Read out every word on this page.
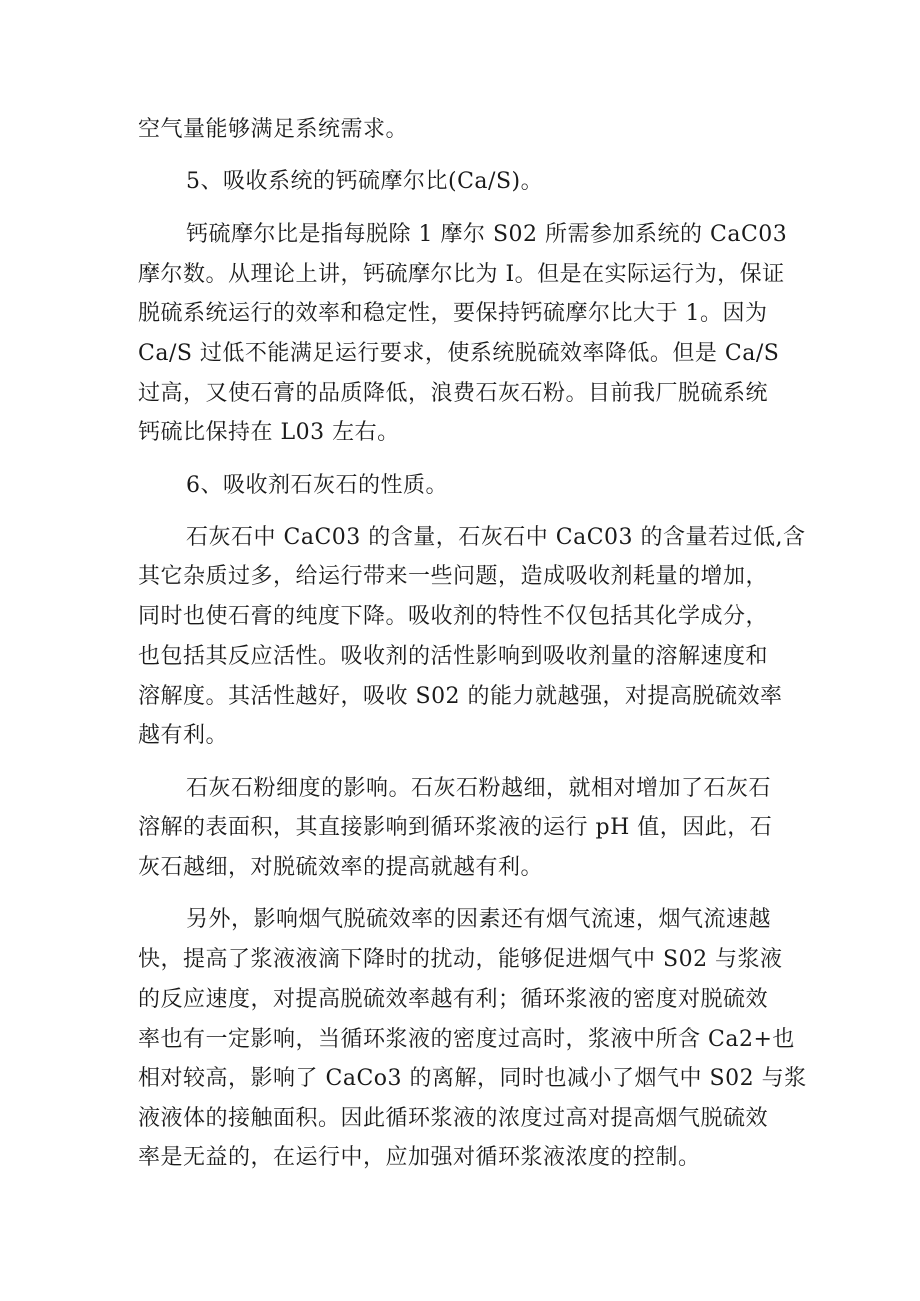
空气量能够满足系统需求。
5、吸收系统的钙硫摩尔比(Ca/S)。
钙硫摩尔比是指每脱除 1 摩尔 S02 所需参加系统的 CaC03
摩尔数。从理论上讲，钙硫摩尔比为 I。但是在实际运行为，保证
脱硫系统运行的效率和稳定性，要保持钙硫摩尔比大于 1。因为
Ca/S 过低不能满足运行要求，使系统脱硫效率降低。但是 Ca/S
过高，又使石膏的品质降低，浪费石灰石粉。目前我厂脱硫系统
钙硫比保持在 L03 左右。
6、吸收剂石灰石的性质。
石灰石中 CaC03 的含量，石灰石中 CaC03 的含量若过低,含
其它杂质过多，给运行带来一些问题，造成吸收剂耗量的增加，
同时也使石膏的纯度下降。吸收剂的特性不仅包括其化学成分，
也包括其反应活性。吸收剂的活性影响到吸收剂量的溶解速度和
溶解度。其活性越好，吸收 S02 的能力就越强，对提高脱硫效率
越有利。
石灰石粉细度的影响。石灰石粉越细，就相对增加了石灰石
溶解的表面积，其直接影响到循环浆液的运行 pH 值，因此，石
灰石越细，对脱硫效率的提高就越有利。
另外，影响烟气脱硫效率的因素还有烟气流速，烟气流速越
快，提高了浆液液滴下降时的扰动，能够促进烟气中 S02 与浆液
的反应速度，对提高脱硫效率越有利；循环浆液的密度对脱硫效
率也有一定影响，当循环浆液的密度过高时，浆液中所含 Ca2+也
相对较高，影响了 CaCo3 的离解，同时也减小了烟气中 S02 与浆
液液体的接触面积。因此循环浆液的浓度过高对提高烟气脱硫效
率是无益的，在运行中，应加强对循环浆液浓度的控制。
